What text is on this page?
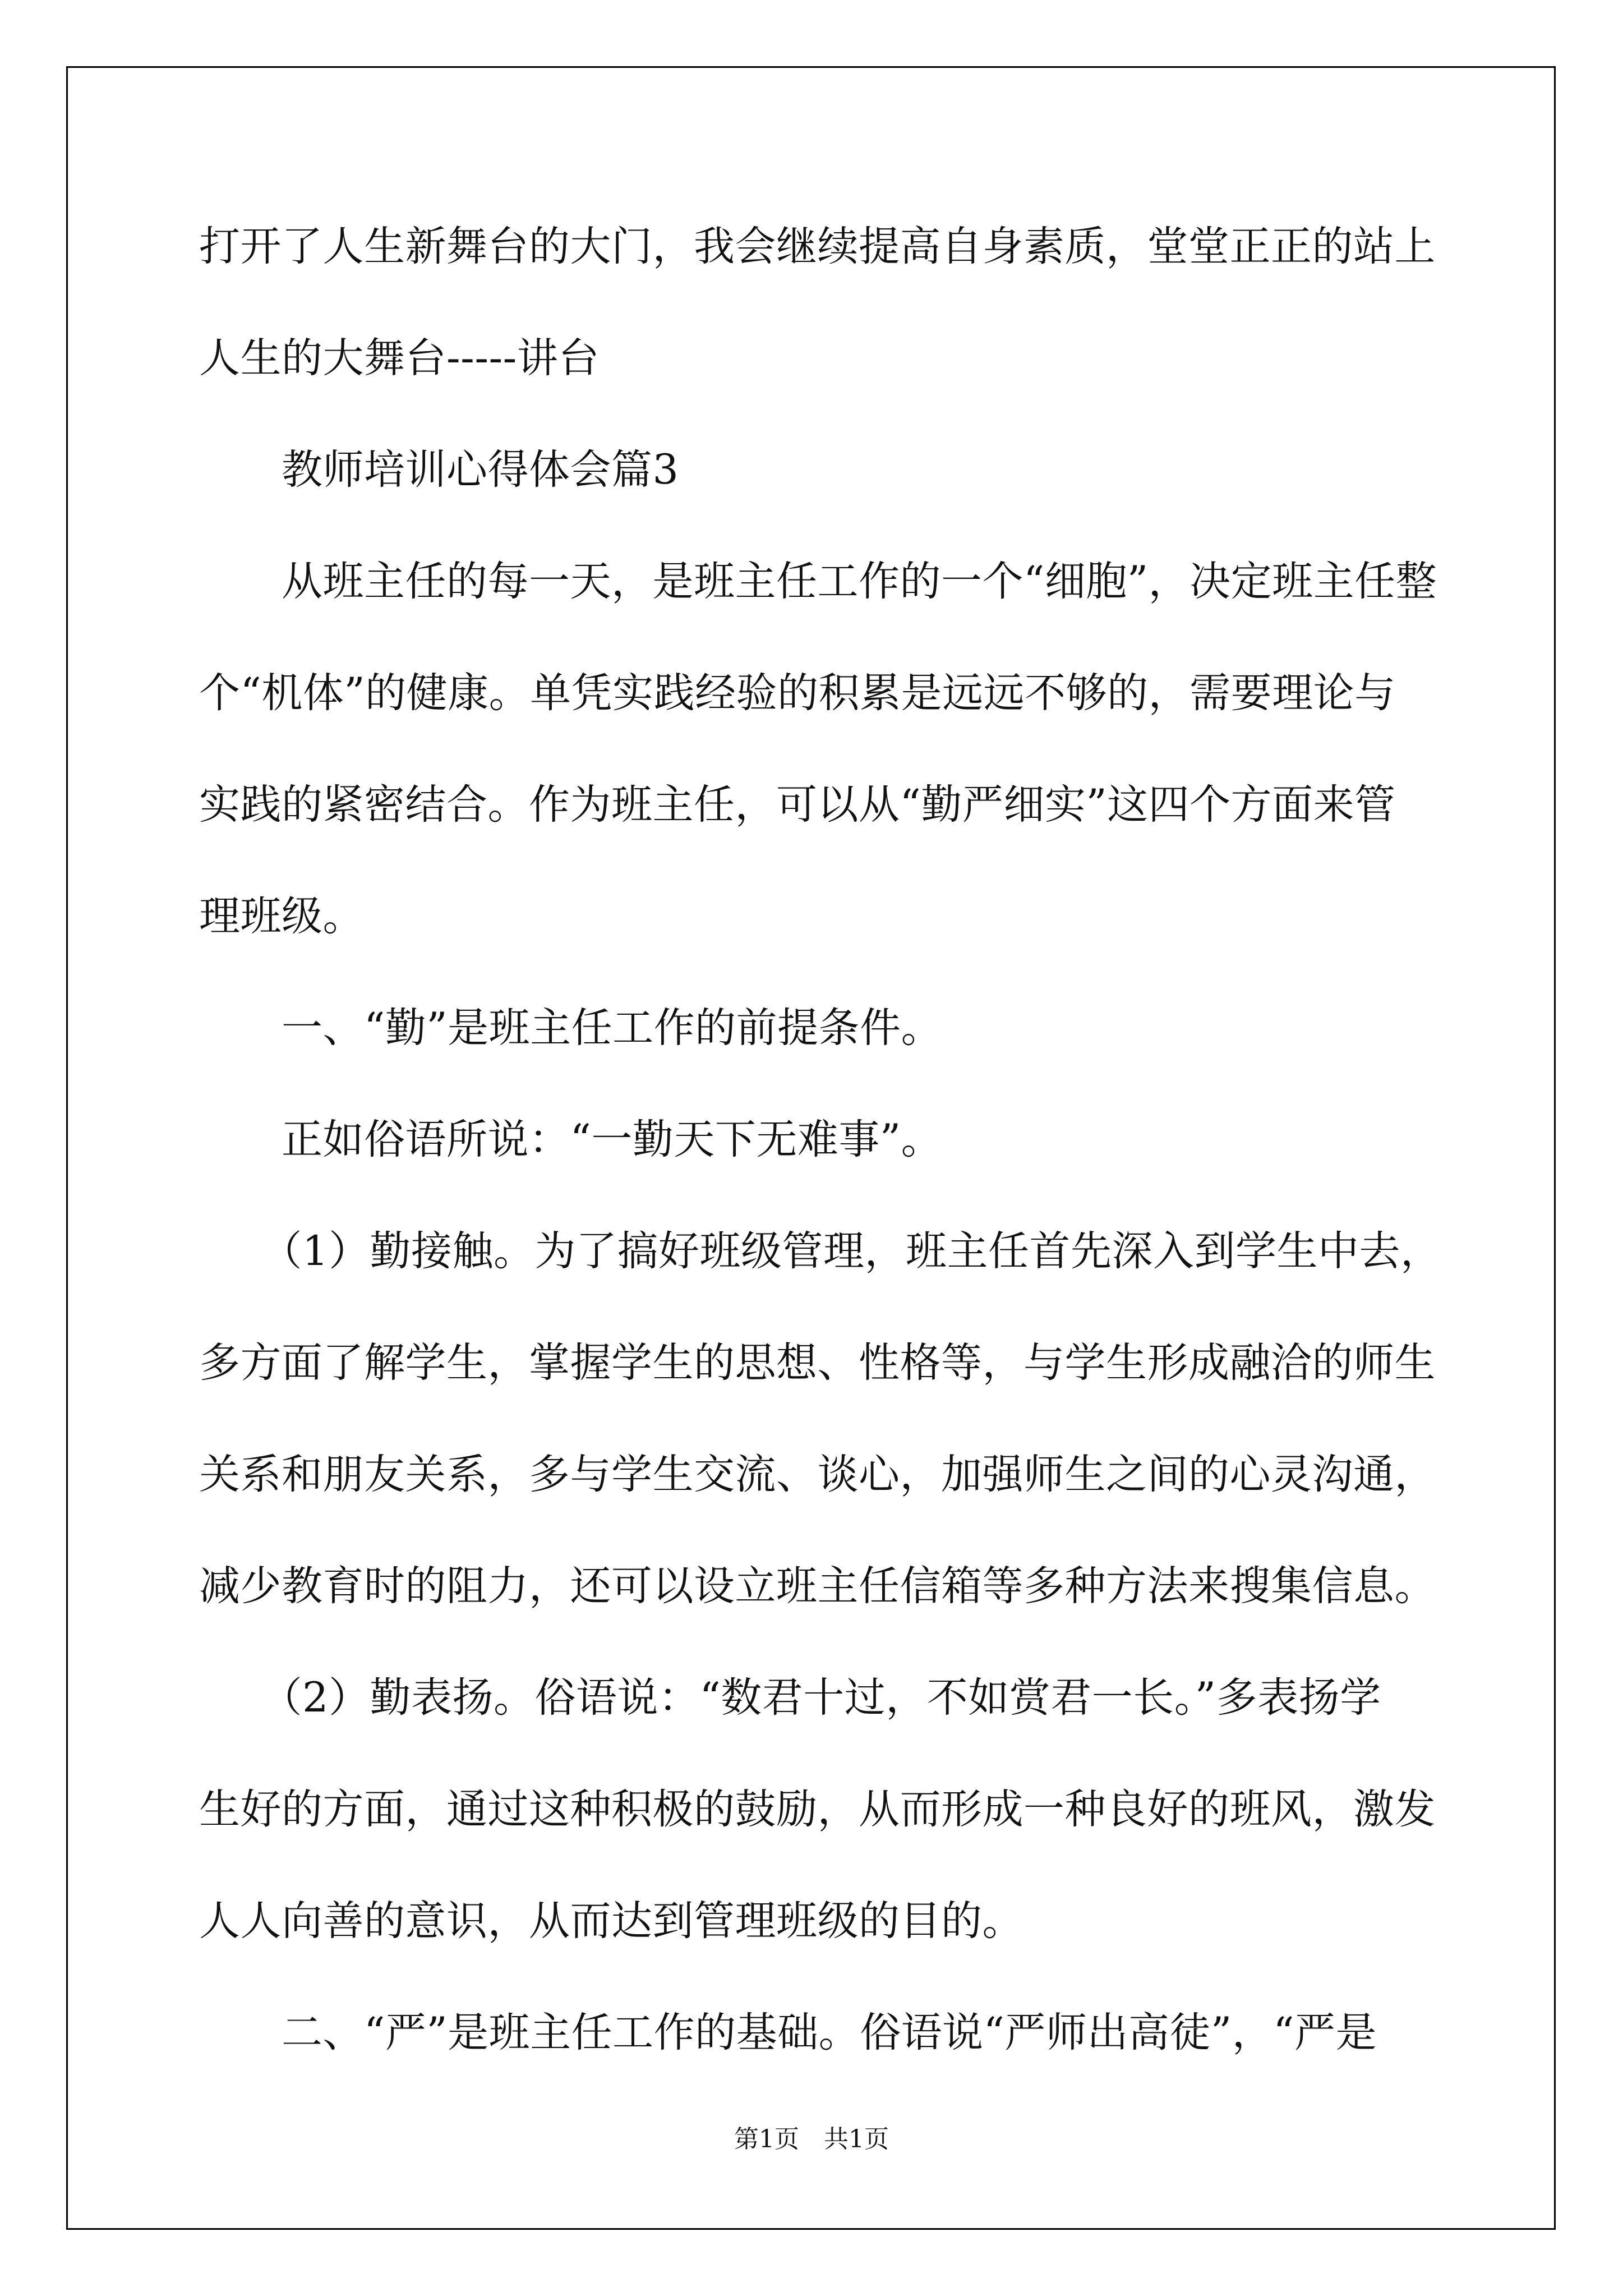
打开了人生新舞台的大门，我会继续提高自身素质，堂堂正正的站上

人生的大舞台-----讲台

　　教师培训心得体会篇3

　　从班主任的每一天，是班主任工作的一个“细胞”，决定班主任整

个“机体”的健康。单凭实践经验的积累是远远不够的，需要理论与

实践的紧密结合。作为班主任，可以从“勤严细实”这四个方面来管

理班级。

　　一、“勤”是班主任工作的前提条件。

　　正如俗语所说：“一勤天下无难事”。

　　（1）勤接触。为了搞好班级管理，班主任首先深入到学生中去，

多方面了解学生，掌握学生的思想、性格等，与学生形成融洽的师生

关系和朋友关系，多与学生交流、谈心，加强师生之间的心灵沟通，

减少教育时的阻力，还可以设立班主任信箱等多种方法来搜集信息。

　　（2）勤表扬。俗语说：“数君十过，不如赏君一长。”多表扬学

生好的方面，通过这种积极的鼓励，从而形成一种良好的班风，激发

人人向善的意识，从而达到管理班级的目的。

　　二、“严”是班主任工作的基础。俗语说“严师出高徒”，“严是

第1页　共1页
